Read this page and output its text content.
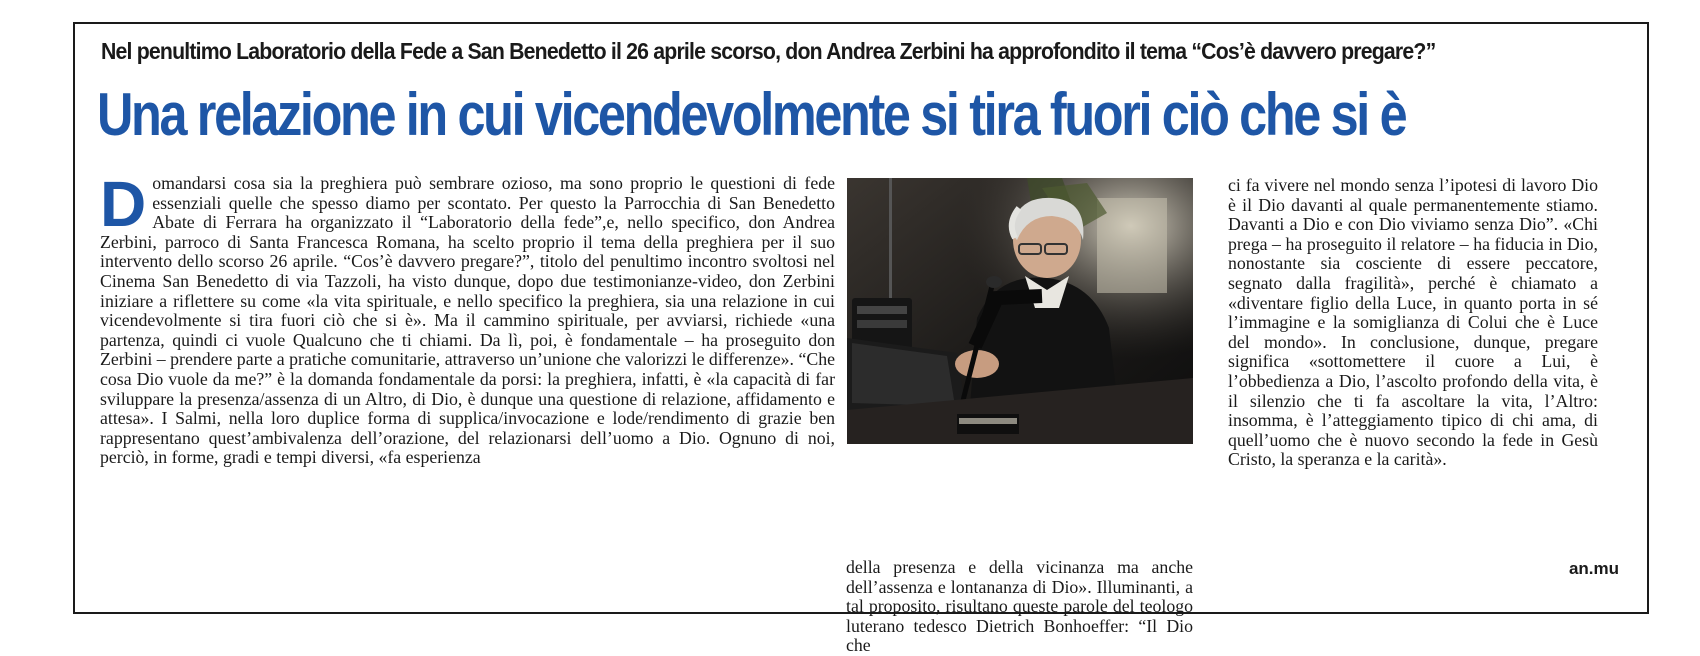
Nel penultimo Laboratorio della Fede a San Benedetto il 26 aprile scorso, don Andrea Zerbini ha approfondito il tema “Cos’è davvero pregare?”
Una relazione in cui vicendevolmente si tira fuori ciò che si è

Domandarsi cosa sia la preghiera può sembrare ozioso, ma sono proprio le questioni di fede essenziali quelle che spesso diamo per scontato. Per questo la Parrocchia di San Benedetto Abate di Ferrara ha organizzato il “Laboratorio della fede”,e, nello specifico, don Andrea Zerbini, parroco di Santa Francesca Romana, ha scelto proprio il tema della preghiera per il suo intervento dello scorso 26 aprile. “Cos’è davvero pregare?”, titolo del penultimo incontro svoltosi nel Cinema San Benedetto di via Tazzoli, ha visto dunque, dopo due testimonianze-video, don Zerbini iniziare a riflettere su come «la vita spirituale, e nello specifico la preghiera, sia una relazione in cui vicendevolmente si tira fuori ciò che si è». Ma il cammino spirituale, per avviarsi, richiede «una partenza, quindi ci vuole Qualcuno che ti chiami. Da lì, poi, è fondamentale – ha proseguito don Zerbini – prendere parte a pratiche comunitarie, attraverso un’unione che valorizzi le differenze». “Che cosa Dio vuole da me?” è la domanda fondamentale da porsi: la preghiera, infatti, è «la capacità di far sviluppare la presenza/assenza di un Altro, di Dio, è dunque una questione di relazione, affidamento e attesa». I Salmi, nella loro duplice forma di supplica/invocazione e lode/rendimento di grazie ben rappresentano quest’ambivalenza dell’orazione, del relazionarsi dell’uomo a Dio. Ognuno di noi, perciò, in forme, gradi e tempi diversi, «fa esperienza

della presenza e della vicinanza ma anche dell’assenza e lontananza di Dio». Illuminanti, a tal proposito, risultano queste parole del teologo luterano tedesco Dietrich Bonhoeffer: “Il Dio che

ci fa vivere nel mondo senza l’ipotesi di lavoro Dio è il Dio davanti al quale permanentemente stiamo. Davanti a Dio e con Dio viviamo senza Dio”. «Chi prega – ha proseguito il relatore – ha fiducia in Dio, nonostante sia cosciente di essere peccatore, segnato dalla fragilità», perché è chiamato a «diventare figlio della Luce, in quanto porta in sé l’immagine e la somiglianza di Colui che è Luce del mondo». In conclusione, dunque, pregare significa «sottomettere il cuore a Lui, è l’obbedienza a Dio, l’ascolto profondo della vita, è il silenzio che ti fa ascoltare la vita, l’Altro: insomma, è l’atteggiamento tipico di chi ama, di quell’uomo che è nuovo secondo la fede in Gesù Cristo, la speranza e la carità».

an.mu
